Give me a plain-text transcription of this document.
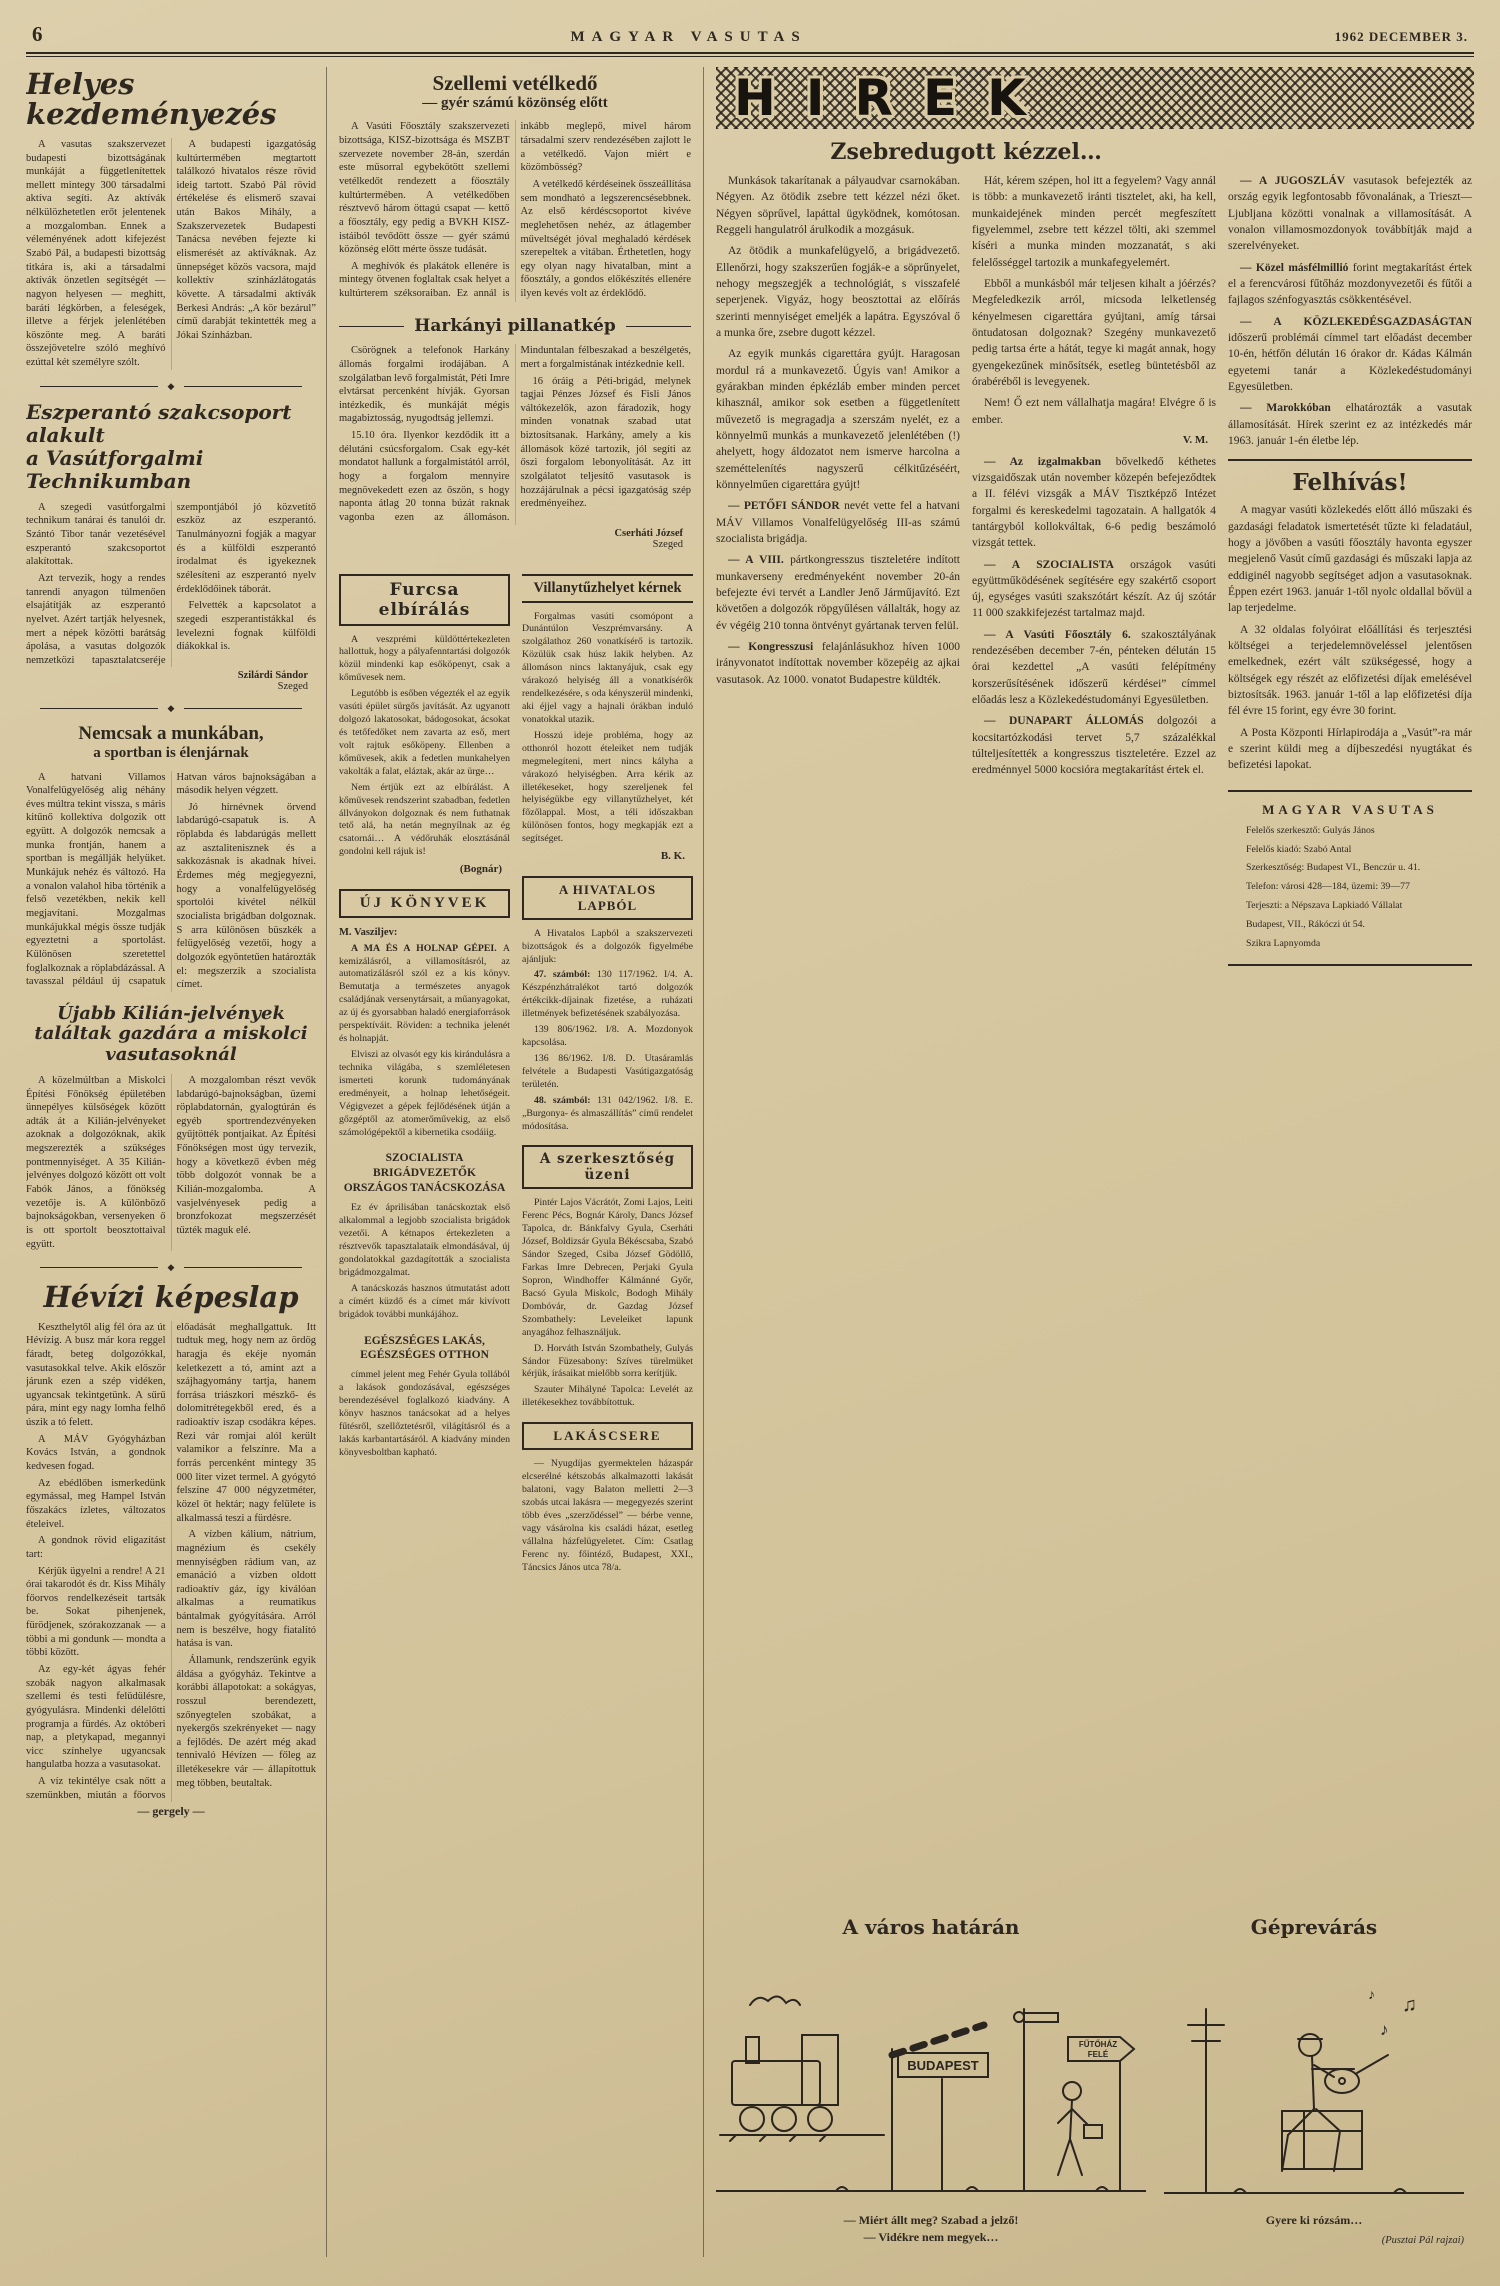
6	MAGYAR VASUTAS	1962 DECEMBER 3.
Helyes kezdeményezés

A vasutas szakszervezet budapesti bizottságának munkáját a függetlenítettek mellett mintegy 300 társadalmi aktíva segíti. Az aktívák nélkülözhetetlen erőt jelentenek a mozgalomban. Ennek a véleményének adott kifejezést Szabó Pál, a budapesti bizottság titkára is, aki a társadalmi aktívák önzetlen segítségét — nagyon helyesen — meghitt, baráti légkörben, a feleségek, illetve a férjek jelenlétében köszönte meg. A baráti összejövetelre szóló meghívó ezúttal két személyre szólt.

A budapesti igazgatóság kultúrtermében megtartott találkozó hivatalos része rövid ideig tartott. Szabó Pál rövid értékelése és elismerő szavai után Bakos Mihály, a Szakszervezetek Budapesti Tanácsa nevében fejezte ki elismerését az aktíváknak. Az ünnepséget közös vacsora, majd kollektív színházlátogatás követte. A társadalmi aktívák Berkesi András: „A kör bezárul” című darabját tekintették meg a Jókai Színházban.

◆
Eszperantó szakcsoport alakult
a Vasútforgalmi Technikumban

A szegedi vasútforgalmi technikum tanárai és tanulói dr. Szántó Tibor tanár vezetésével eszperantó szakcsoportot alakítottak.

Azt tervezik, hogy a rendes tanrendi anyagon túlmenően elsajátítják az eszperantó nyelvet. Azért tartják helyesnek, mert a népek közötti barátság ápolása, a vasutas dolgozók nemzetközi tapasztalatcseréje szempontjából jó közvetítő eszköz az eszperantó. Tanulmányozni fogják a magyar és a külföldi eszperantó irodalmat és igyekeznek szélesíteni az eszperantó nyelv érdeklődőinek táborát.

Felvették a kapcsolatot a szegedi eszperantistákkal és levelezni fognak külföldi diákokkal is.

Szilárdi Sándor
Szeged
◆
Nemcsak a munkában,
a sportban is élenjárnak

A hatvani Villamos Vonalfelügyelőség alig néhány éves múltra tekint vissza, s máris kitűnő kollektíva dolgozik ott együtt. A dolgozók nemcsak a munka frontján, hanem a sportban is megállják helyüket. Munkájuk nehéz és változó. Ha a vonalon valahol hiba történik a felső vezetékben, nekik kell megjavítani. Mozgalmas munkájukkal mégis össze tudják egyeztetni a sportolást. Különösen szeretettel foglalkoznak a röplabdázással. A tavasszal például új csapatuk Hatvan város bajnokságában a második helyen végzett.

Jó hírnévnek örvend labdarúgó-csapatuk is. A röplabda és labdarúgás mellett az asztalitenisznek és a sakkozásnak is akadnak hívei. Érdemes még megjegyezni, hogy a vonalfelügyelőség sportolói kivétel nélkül szocialista brigádban dolgoznak. S arra különösen büszkék a felügyelőség vezetői, hogy a dolgozók egyöntetűen határozták el: megszerzik a szocialista címet.

Újabb Kilián-jelvények találtak gazdára a miskolci vasutasoknál

A közelmúltban a Miskolci Építési Főnökség épületében ünnepélyes külsőségek között adták át a Kilián-jelvényeket azoknak a dolgozóknak, akik megszerezték a szükséges pontmennyiséget. A 35 Kilián-jelvényes dolgozó között ott volt Fabók János, a főnökség vezetője is. A különböző bajnokságokban, versenyeken ő is ott sportolt beosztottaival együtt.

A mozgalomban részt vevők labdarúgó-bajnokságban, üzemi röplabdatornán, gyalogtúrán és egyéb sportrendezvényeken gyűjtötték pontjaikat. Az Építési Főnökségen most úgy tervezik, hogy a következő évben még több dolgozót vonnak be a Kilián-mozgalomba. A vasjelvényesek pedig a bronzfokozat megszerzését tűzték maguk elé.

◆
Hévízi képeslap

Keszthelytől alig fél óra az út Hévízig. A busz már kora reggel fáradt, beteg dolgozókkal, vasutasokkal telve. Akik először járunk ezen a szép vidéken, ugyancsak tekintgetünk. A sűrű pára, mint egy nagy lomha felhő úszik a tó felett.

A MÁV Gyógyházban Kovács István, a gondnok kedvesen fogad.

Az ebédlőben ismerkedünk egymással, meg Hampel István főszakács ízletes, változatos ételeivel.

A gondnok rövid eligazítást tart:

Kérjük ügyelni a rendre! A 21 órai takarodót és dr. Kiss Mihály főorvos rendelkezéseit tartsák be. Sokat pihenjenek, fürödjenek, szórakozzanak — a többi a mi gondunk — mondta a többi között.

Az egy-két ágyas fehér szobák nagyon alkalmasak szellemi és testi felüdülésre, gyógyulásra. Mindenki délelőtti programja a fürdés. Az októberi nap, a pletykapad, megannyi vicc színhelye ugyancsak hangulatba hozza a vasutasokat.

A víz tekintélye csak nőtt a szemünkben, miután a főorvos előadását meghallgattuk. Itt tudtuk meg, hogy nem az ördög haragja és ekéje nyomán keletkezett a tó, amint azt a szájhagyomány tartja, hanem forrása triászkori mészkő- és dolomitrétegekből ered, és a radioaktív iszap csodákra képes. Rezi vár romjai alól került valamikor a felszínre. Ma a forrás percenként mintegy 35 000 liter vizet termel. A gyógytó felszíne 47 000 négyzetméter, közel öt hektár; nagy felülete is alkalmassá teszi a fürdésre.

A vízben kálium, nátrium, magnézium és csekély mennyiségben rádium van, az emanáció a vízben oldott radioaktív gáz, így kiválóan alkalmas a reumatikus bántalmak gyógyítására. Arról nem is beszélve, hogy fiatalító hatása is van.

Államunk, rendszerünk egyik áldása a gyógyház. Tekintve a korábbi állapotokat: a sokágyas, rosszul berendezett, szőnyegtelen szobákat, a nyekergős szekrényeket — nagy a fejlődés. De azért még akad tennivaló Hévízen — főleg az illetékesekre vár — állapítottuk meg többen, beutaltak.

— gergely —

Szellemi vetélkedő
— gyér számú közönség előtt

A Vasúti Főosztály szakszervezeti bizottsága, KISZ-bizottsága és MSZBT szervezete november 28-án, szerdán este műsorral egybekötött szellemi vetélkedőt rendezett a főosztály kultúrtermében. A vetélkedőben résztvevő három öttagú csapat — kettő a főosztály, egy pedig a BVKH KISZ-istáiból tevődött össze — gyér számú közönség előtt mérte össze tudását.

A meghívók és plakátok ellenére is mintegy ötvenen foglaltak csak helyet a kultúrterem széksoraiban. Ez annál is inkább meglepő, mivel három társadalmi szerv rendezésében zajlott le a vetélkedő. Vajon miért e közömbösség?

A vetélkedő kérdéseinek összeállítása sem mondható a legszerencsésebbnek. Az első kérdéscsoportot kivéve meglehetősen nehéz, az átlagember műveltségét jóval meghaladó kérdések szerepeltek a vitában. Érthetetlen, hogy egy olyan nagy hivatalban, mint a főosztály, a gondos előkészítés ellenére ilyen kevés volt az érdeklődő.

Harkányi pillanatkép

Csörögnek a telefonok Harkány állomás forgalmi irodájában. A szolgálatban levő forgalmistát, Péti Imre elvtársat percenként hívják. Gyorsan intézkedik, és munkáját mégis magabiztosság, nyugodtság jellemzi.

15.10 óra. Ilyenkor kezdődik itt a délutáni csúcsforgalom. Csak egy-két mondatot hallunk a forgalmistától arról, hogy a forgalom mennyire megnövekedett ezen az őszön, s hogy naponta átlag 20 tonna búzát raknak vagonba ezen az állomáson. Minduntalan félbeszakad a beszélgetés, mert a forgalmistának intézkednie kell.

16 óráig a Péti-brigád, melynek tagjai Pénzes József és Fisli János váltókezelők, azon fáradozik, hogy minden vonatnak szabad utat biztosítsanak. Harkány, amely a kis állomások közé tartozik, jól segíti az őszi forgalom lebonyolítását. Az itt szolgálatot teljesítő vasutasok is hozzájárulnak a pécsi igazgatóság szép eredményeihez.

Cserháti József
Szeged
Furcsa elbírálás

A veszprémi küldöttértekezleten hallottuk, hogy a pályafenntartási dolgozók közül mindenki kap esőköpenyt, csak a kőművesek nem.

Legutóbb is esőben végezték el az egyik vasúti épület sürgős javítását. Az ugyanott dolgozó lakatosokat, bádogosokat, ácsokat és tetőfedőket nem zavarta az eső, mert volt rajtuk esőköpeny. Ellenben a kőművesek, akik a fedetlen munkahelyen vakolták a falat, eláztak, akár az ürge…

Nem értjük ezt az elbírálást. A kőművesek rendszerint szabadban, fedetlen állványokon dolgoznak és nem futhatnak tető alá, ha netán megnyílnak az ég csatornái… A védőruhák elosztásánál gondolni kell rájuk is!

(Bognár)

ÚJ KÖNYVEK

M. Vasziljev:

A MA ÉS A HOLNAP GÉPEI. A kemizálásról, a villamosításról, az automatizálásról szól ez a kis könyv. Bemutatja a természetes anyagok családjának versenytársait, a műanyagokat, az új és gyorsabban haladó energiaforrások perspektíváit. Röviden: a technika jelenét és holnapját.

Elviszi az olvasót egy kis kirándulásra a technika világába, s szemléletesen ismerteti korunk tudományának eredményeit, a holnap lehetőségeit. Végigvezet a gépek fejlődésének útján a gőzgéptől az atomerőművekig, az első számológépektől a kibernetika csodáiig.

SZOCIALISTA BRIGÁDVEZETŐK ORSZÁGOS TANÁCSKOZÁSA

Ez év áprilisában tanácskoztak első alkalommal a legjobb szocialista brigádok vezetői. A kétnapos értekezleten a résztvevők tapasztalataik elmondásával, új gondolatokkal gazdagították a szocialista brigádmozgalmat.

A tanácskozás hasznos útmutatást adott a címért küzdő és a címet már kivívott brigádok további munkájához.

EGÉSZSÉGES LAKÁS, EGÉSZSÉGES OTTHON

címmel jelent meg Fehér Gyula tollából a lakások gondozásával, egészséges berendezésével foglalkozó kiadvány. A könyv hasznos tanácsokat ad a helyes fűtésről, szellőztetésről, világításról és a lakás karbantartásáról. A kiadvány minden könyvesboltban kapható.

Villanytűzhelyet kérnek

Forgalmas vasúti csomópont a Dunántúlon Veszprémvarsány. A szolgálathoz 260 vonatkísérő is tartozik. Közülük csak húsz lakik helyben. Az állomáson nincs laktanyájuk, csak egy várakozó helyiség áll a vonatkísérők rendelkezésére, s oda kényszerül mindenki, aki éjjel vagy a hajnali órákban induló vonatokkal utazik.

Hosszú ideje probléma, hogy az otthonról hozott ételeiket nem tudják megmelegíteni, mert nincs kályha a várakozó helyiségben. Arra kérik az illetékeseket, hogy szereljenek fel helyiségükbe egy villanytűzhelyet, két főzőlappal. Most, a téli időszakban különösen fontos, hogy megkapják ezt a segítséget.

B. K.

A HIVATALOS LAPBÓL

A Hivatalos Lapból a szakszervezeti bizottságok és a dolgozók figyelmébe ajánljuk:

47. számból: 130 117/1962. I/4. A. Készpénzhátralékot tartó dolgozók értékcikk-díjainak fizetése, a ruházati illetmények befizetésének szabályozása.

139 806/1962. I/8. A. Mozdonyok kapcsolása.

136 86/1962. I/8. D. Utasáramlás felvétele a Budapesti Vasútigazgatóság területén.

48. számból: 131 042/1962. I/8. E. „Burgonya- és almaszállítás” című rendelet módosítása.

A szerkesztőség üzeni

Pintér Lajos Vácrátót, Zomi Lajos, Leiti Ferenc Pécs, Bognár Károly, Dancs József Tapolca, dr. Bánkfalvy Gyula, Cserháti József, Boldizsár Gyula Békéscsaba, Szabó Sándor Szeged, Csiba József Gödöllő, Farkas Imre Debrecen, Perjaki Gyula Sopron, Windhoffer Kálmánné Győr, Bacsó Gyula Miskolc, Bodogh Mihály Dombóvár, dr. Gazdag József Szombathely: Leveleiket lapunk anyagához felhasználjuk.

D. Horváth István Szombathely, Gulyás Sándor Füzesabony: Szíves türelmüket kérjük, írásaikat mielőbb sorra kerítjük.

Szauter Mihályné Tapolca: Levelét az illetékesekhez továbbítottuk.

LAKÁSCSERE

— Nyugdíjas gyermektelen házaspár elcserélné kétszobás alkalmazotti lakását balatoni, vagy Balaton melletti 2—3 szobás utcai lakásra — megegyezés szerint több éves „szerződéssel” — bérbe venne, vagy vásárolna kis családi házat, esetleg vállalna házfelügyeletet. Cím: Csatlag Ferenc ny. főintéző, Budapest, XXI., Táncsics János utca 78/a.

HIREK
Zsebredugott kézzel…

Munkások takarítanak a pályaudvar csarnokában. Négyen. Az ötödik zsebre tett kézzel nézi őket. Négyen söprűvel, lapáttal ügyködnek, komótosan. Reggeli hangulatról árulkodik a mozgásuk.

Az ötödik a munkafelügyelő, a brigádvezető. Ellenőrzi, hogy szakszerűen fogják-e a söprűnyelet, nehogy megszegjék a technológiát, s visszafelé seperjenek. Vigyáz, hogy beosztottai az előírás szerinti mennyiséget emeljék a lapátra. Egyszóval ő a munka őre, zsebre dugott kézzel.

Az egyik munkás cigarettára gyújt. Haragosan mordul rá a munkavezető. Úgyis van! Amikor a gyárakban minden épkézláb ember minden percet kihasznál, amikor sok esetben a függetlenített művezető is megragadja a szerszám nyelét, ez a könnyelmű munkás a munkavezető jelenlétében (!) ahelyett, hogy áldozatot nem ismerve harcolna a szeméttelenítés nagyszerű célkitűzéséért, könnyelműen cigarettára gyújt!

— PETŐFI SÁNDOR nevét vette fel a hatvani MÁV Villamos Vonalfelügyelőség III-as számú szocialista brigádja.

— A VIII. pártkongresszus tiszteletére indított munkaverseny eredményeként november 20-án befejezte évi tervét a Landler Jenő Járműjavító. Ezt követően a dolgozók röpgyűlésen vállalták, hogy az év végéig 210 tonna öntvényt gyártanak terven felül.

— Kongresszusi felajánlásukhoz híven 1000 irányvonatot indítottak november közepéig az ajkai vasutasok. Az 1000. vonatot Budapestre küldték.

Hát, kérem szépen, hol itt a fegyelem? Vagy annál is több: a munkavezető iránti tisztelet, aki, ha kell, munkaidejének minden percét megfeszített figyelemmel, zsebre tett kézzel tölti, aki szemmel kíséri a munka minden mozzanatát, s aki felelősséggel tartozik a munkafegyelemért.

Ebből a munkásból már teljesen kihalt a jóérzés? Megfeledkezik arról, micsoda lelketlenség kényelmesen cigarettára gyújtani, amíg társai öntudatosan dolgoznak? Szegény munkavezető pedig tartsa érte a hátát, tegye ki magát annak, hogy gyengekezűnek minősítsék, esetleg büntetésből az órabéréből is levegyenek.

Nem! Ő ezt nem vállalhatja magára! Elvégre ő is ember.

V. M.

— Az izgalmakban bővelkedő kéthetes vizsgaidőszak után november közepén befejeződtek a II. félévi vizsgák a MÁV Tisztképző Intézet forgalmi és kereskedelmi tagozatain. A hallgatók 4 tantárgyból kollokváltak, 6-6 pedig beszámoló vizsgát tettek.

— A SZOCIALISTA országok vasúti együttműködésének segítésére egy szakértő csoport új, egységes vasúti szakszótárt készít. Az új szótár 11 000 szakkifejezést tartalmaz majd.

— A Vasúti Főosztály 6. szakosztályának rendezésében december 7-én, pénteken délután 15 órai kezdettel „A vasúti felépítmény korszerűsítésének időszerű kérdései” címmel előadás lesz a Közlekedéstudományi Egyesületben.

— DUNAPART ÁLLOMÁS dolgozói a kocsitartózkodási tervet 5,7 százalékkal túlteljesítették a kongresszus tiszteletére. Ezzel az eredménnyel 5000 kocsióra megtakarítást értek el.

— A JUGOSZLÁV vasutasok befejezték az ország egyik legfontosabb fővonalának, a Trieszt—Ljubljana közötti vonalnak a villamosítását. A vonalon villamosmozdonyok továbbítják majd a szerelvényeket.

— Közel másfélmillió forint megtakarítást értek el a ferencvárosi fűtőház mozdonyvezetői és fűtői a fajlagos szénfogyasztás csökkentésével.

— A KÖZLEKEDÉSGAZDASÁGTAN időszerű problémái címmel tart előadást december 10-én, hétfőn délután 16 órakor dr. Kádas Kálmán egyetemi tanár a Közlekedéstudományi Egyesületben.

— Marokkóban elhatározták a vasutak államosítását. Hírek szerint ez az intézkedés már 1963. január 1-én életbe lép.

Felhívás!

A magyar vasúti közlekedés előtt álló műszaki és gazdasági feladatok ismertetését tűzte ki feladatául, hogy a jövőben a vasúti főosztály havonta egyszer megjelenő Vasút című gazdasági és műszaki lapja az eddiginél nagyobb segítséget adjon a vasutasoknak. Éppen ezért 1963. január 1-től nyolc oldallal bővül a lap terjedelme.

A 32 oldalas folyóirat előállítási és terjesztési költségei a terjedelemnöveléssel jelentősen emelkednek, ezért vált szükségessé, hogy a költségek egy részét az előfizetési díjak emelésével biztosítsák. 1963. január 1-től a lap előfizetési díja fél évre 15 forint, egy évre 30 forint.

A Posta Központi Hírlapirodája a „Vasút”-ra már e szerint küldi meg a díjbeszedési nyugtákat és befizetési lapokat.

MAGYAR VASUTAS

Felelős szerkesztő: Gulyás János

Felelős kiadó: Szabó Antal

Szerkesztőség: Budapest VI., Benczúr u. 41.

Telefon: városi 428—184, üzemi: 39—77

Terjeszti: a Népszava Lapkiadó Vállalat

Budapest, VII., Rákóczi út 54.

Szikra Lapnyomda

A város határán
BUDAPEST
FŰTŐHÁZ
FELÉ

— Miért állt meg? Szabad a jelző!

— Vidékre nem megyek…

Géprevárás
♪
♫
♪

Gyere ki rózsám…

(Pusztai Pál rajzai)
